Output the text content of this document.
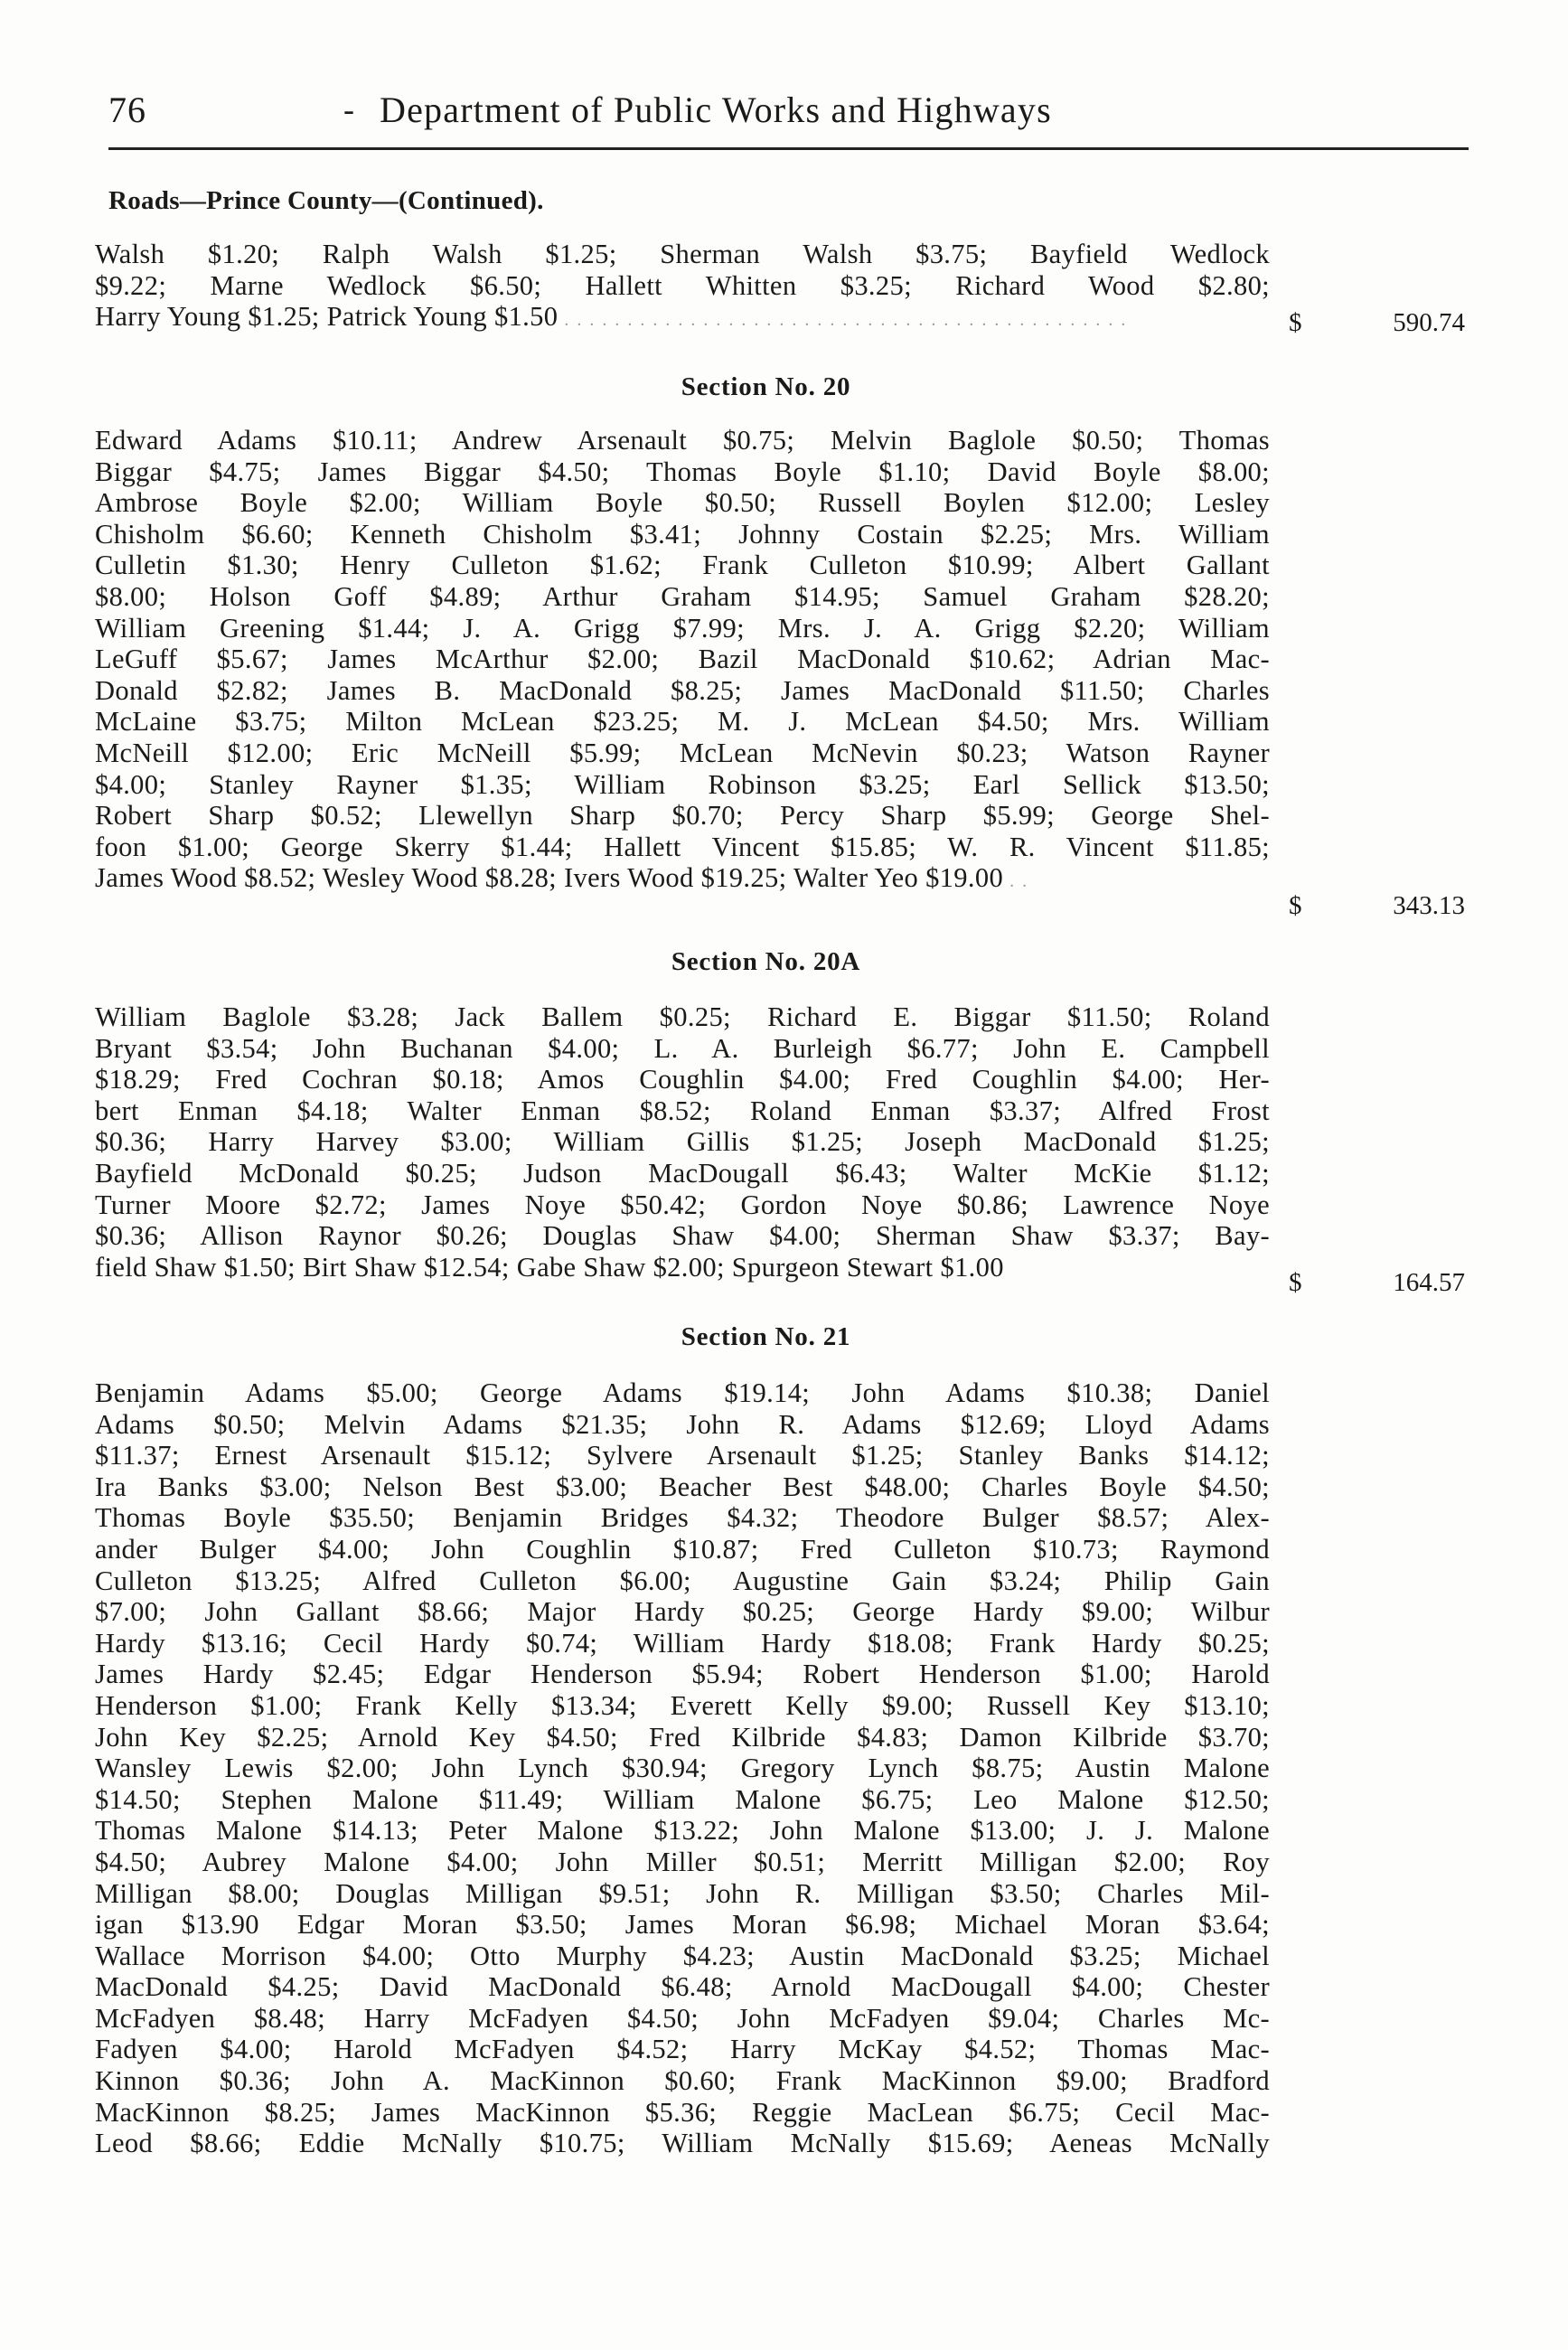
76	- Department of Public Works and Highways
Roads—Prince County—(Continued).
Walsh $1.20; Ralph Walsh $1.25; Sherman Walsh $3.75; Bayfield Wedlock
$9.22; Marne Wedlock $6.50; Hallett Whitten $3.25; Richard Wood $2.80;
Harry Young $1.25; Patrick Young $1.50 . . . . . . . . . . . . . . . . . . . . . . . . . . . . . . . . . . . . . . . . . . . . .	$	590.74
Section No. 20
Edward Adams $10.11; Andrew Arsenault $0.75; Melvin Baglole $0.50; Thomas
Biggar $4.75; James Biggar $4.50; Thomas Boyle $1.10; David Boyle $8.00;
Ambrose Boyle $2.00; William Boyle $0.50; Russell Boylen $12.00; Lesley
Chisholm $6.60; Kenneth Chisholm $3.41; Johnny Costain $2.25; Mrs. William
Culletin $1.30; Henry Culleton $1.62; Frank Culleton $10.99; Albert Gallant
$8.00; Holson Goff $4.89; Arthur Graham $14.95; Samuel Graham $28.20;
William Greening $1.44; J. A. Grigg $7.99; Mrs. J. A. Grigg $2.20; William
LeGuff $5.67; James McArthur $2.00; Bazil MacDonald $10.62; Adrian Mac-
Donald $2.82; James B. MacDonald $8.25; James MacDonald $11.50; Charles
McLaine $3.75; Milton McLean $23.25; M. J. McLean $4.50; Mrs. William
McNeill $12.00; Eric McNeill $5.99; McLean McNevin $0.23; Watson Rayner
$4.00; Stanley Rayner $1.35; William Robinson $3.25; Earl Sellick $13.50;
Robert Sharp $0.52; Llewellyn Sharp $0.70; Percy Sharp $5.99; George Shel-
foon $1.00; George Skerry $1.44; Hallett Vincent $15.85; W. R. Vincent $11.85;
James Wood $8.52; Wesley Wood $8.28; Ivers Wood $19.25; Walter Yeo $19.00 . .
$	343.13
Section No. 20A
William Baglole $3.28; Jack Ballem $0.25; Richard E. Biggar $11.50; Roland
Bryant $3.54; John Buchanan $4.00; L. A. Burleigh $6.77; John E. Campbell
$18.29; Fred Cochran $0.18; Amos Coughlin $4.00; Fred Coughlin $4.00; Her-
bert Enman $4.18; Walter Enman $8.52; Roland Enman $3.37; Alfred Frost
$0.36; Harry Harvey $3.00; William Gillis $1.25; Joseph MacDonald $1.25;
Bayfield McDonald $0.25; Judson MacDougall $6.43; Walter McKie $1.12;
Turner Moore $2.72; James Noye $50.42; Gordon Noye $0.86; Lawrence Noye
$0.36; Allison Raynor $0.26; Douglas Shaw $4.00; Sherman Shaw $3.37; Bay-
field Shaw $1.50; Birt Shaw $12.54; Gabe Shaw $2.00; Spurgeon Stewart $1.00
$	164.57
Section No. 21
Benjamin Adams $5.00; George Adams $19.14; John Adams $10.38; Daniel
Adams $0.50; Melvin Adams $21.35; John R. Adams $12.69; Lloyd Adams
$11.37; Ernest Arsenault $15.12; Sylvere Arsenault $1.25; Stanley Banks $14.12;
Ira Banks $3.00; Nelson Best $3.00; Beacher Best $48.00; Charles Boyle $4.50;
Thomas Boyle $35.50; Benjamin Bridges $4.32; Theodore Bulger $8.57; Alex-
ander Bulger $4.00; John Coughlin $10.87; Fred Culleton $10.73; Raymond
Culleton $13.25; Alfred Culleton $6.00; Augustine Gain $3.24; Philip Gain
$7.00; John Gallant $8.66; Major Hardy $0.25; George Hardy $9.00; Wilbur
Hardy $13.16; Cecil Hardy $0.74; William Hardy $18.08; Frank Hardy $0.25;
James Hardy $2.45; Edgar Henderson $5.94; Robert Henderson $1.00; Harold
Henderson $1.00; Frank Kelly $13.34; Everett Kelly $9.00; Russell Key $13.10;
John Key $2.25; Arnold Key $4.50; Fred Kilbride $4.83; Damon Kilbride $3.70;
Wansley Lewis $2.00; John Lynch $30.94; Gregory Lynch $8.75; Austin Malone
$14.50; Stephen Malone $11.49; William Malone $6.75; Leo Malone $12.50;
Thomas Malone $14.13; Peter Malone $13.22; John Malone $13.00; J. J. Malone
$4.50; Aubrey Malone $4.00; John Miller $0.51; Merritt Milligan $2.00; Roy
Milligan $8.00; Douglas Milligan $9.51; John R. Milligan $3.50; Charles Mil-
igan $13.90 Edgar Moran $3.50; James Moran $6.98; Michael Moran $3.64;
Wallace Morrison $4.00; Otto Murphy $4.23; Austin MacDonald $3.25; Michael
MacDonald $4.25; David MacDonald $6.48; Arnold MacDougall $4.00; Chester
McFadyen $8.48; Harry McFadyen $4.50; John McFadyen $9.04; Charles Mc-
Fadyen $4.00; Harold McFadyen $4.52; Harry McKay $4.52; Thomas Mac-
Kinnon $0.36; John A. MacKinnon $0.60; Frank MacKinnon $9.00; Bradford
MacKinnon $8.25; James MacKinnon $5.36; Reggie MacLean $6.75; Cecil Mac-
Leod $8.66; Eddie McNally $10.75; William McNally $15.69; Aeneas McNally
